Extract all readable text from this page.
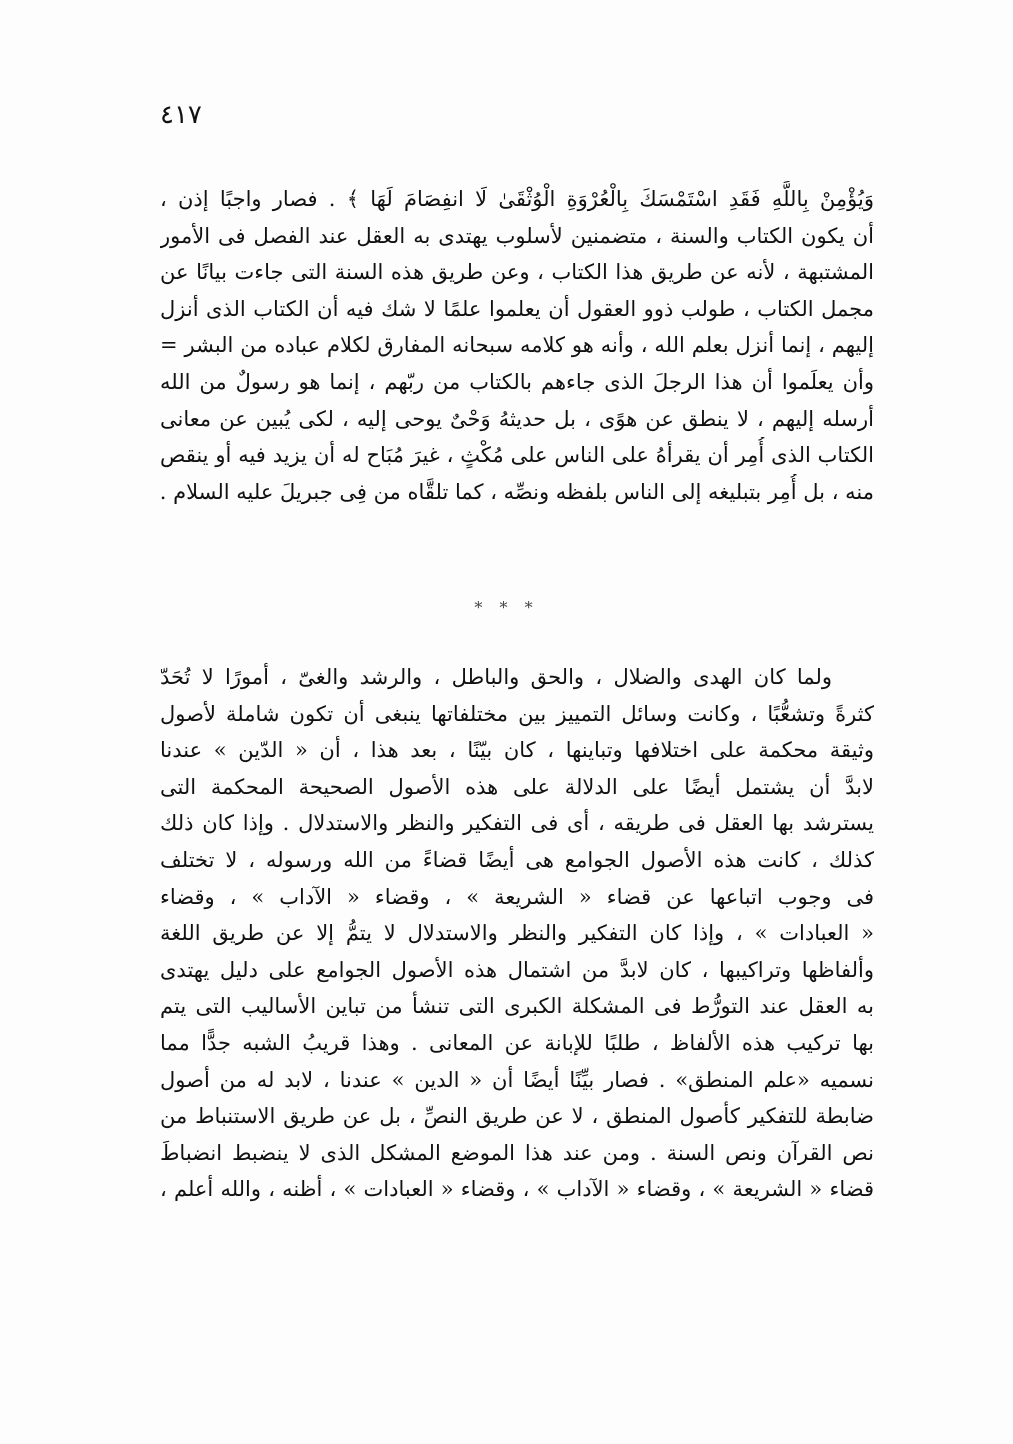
٤١٧
وَيُؤْمِنْ بِاللَّهِ فَقَدِ اسْتَمْسَكَ بِالْعُرْوَةِ الْوُثْقَىٰ لَا انفِصَامَ لَهَا ﴾ . فصار واجبًا إذن ،
أن يكون الكتاب والسنة ، متضمنين لأسلوب يهتدى به العقل عند الفصل فى الأمور
المشتبهة ، لأنه عن طريق هذا الكتاب ، وعن طريق هذه السنة التى جاءت بيانًا عن
مجمل الكتاب ، طولب ذوو العقول أن يعلموا علمًا لا شك فيه أن الكتاب الذى أنزل
إليهم ، إنما أنزل بعلم الله ، وأنه هو كلامه سبحانه المفارق لكلام عباده من البشر =
وأن يعلَموا أن هذا الرجلَ الذى جاءهم بالكتاب من ربّهم ، إنما هو رسولٌ من الله
أرسله إليهم ، لا ينطق عن هوًى ، بل حديثهُ وَحْىٌ يوحى إليه ، لكى يُبين عن معانى
الكتاب الذى أُمِر أن يقرأهُ على الناس على مُكْثٍ ، غيرَ مُبَاح له أن يزيد فيه أو ينقص
منه ، بل أُمِر بتبليغه إلى الناس بلفظه ونصِّه ، كما تلقَّاه من فِى جبريلَ عليه السلام .
* * *
ولما كان الهدى والضلال ، والحق والباطل ، والرشد والغىّ ، أمورًا لا تُحَدّ
كثرةً وتشعُّبًا ، وكانت وسائل التمييز بين مختلفاتها ينبغى أن تكون شاملة لأصول
وثيقة محكمة على اختلافها وتباينها ، كان بيّنًا ، بعد هذا ، أن « الدّين » عندنا
لابدَّ أن يشتمل أيضًا على الدلالة على هذه الأصول الصحيحة المحكمة التى
يسترشد بها العقل فى طريقه ، أى فى التفكير والنظر والاستدلال . وإذا كان ذلك
كذلك ، كانت هذه الأصول الجوامع هى أيضًا قضاءً من الله ورسوله ، لا تختلف
فى وجوب اتباعها عن قضاء « الشريعة » ، وقضاء « الآداب » ، وقضاء
« العبادات » ، وإذا كان التفكير والنظر والاستدلال لا يتمُّ إلا عن طريق اللغة
وألفاظها وتراكيبها ، كان لابدَّ من اشتمال هذه الأصول الجوامع على دليل يهتدى
به العقل عند التورُّط فى المشكلة الكبرى التى تنشأ من تباين الأساليب التى يتم
بها تركيب هذه الألفاظ ، طلبًا للإبانة عن المعانى . وهذا قريبُ الشبه جدًّا مما
نسميه «علم المنطق» . فصار بيِّنًا أيضًا أن « الدين » عندنا ، لابد له من أصول
ضابطة للتفكير كأصول المنطق ، لا عن طريق النصِّ ، بل عن طريق الاستنباط من
نص القرآن ونص السنة . ومن عند هذا الموضع المشكل الذى لا ينضبط انضباطَ
قضاء « الشريعة » ، وقضاء « الآداب » ، وقضاء « العبادات » ، أظنه ، والله أعلم ،
